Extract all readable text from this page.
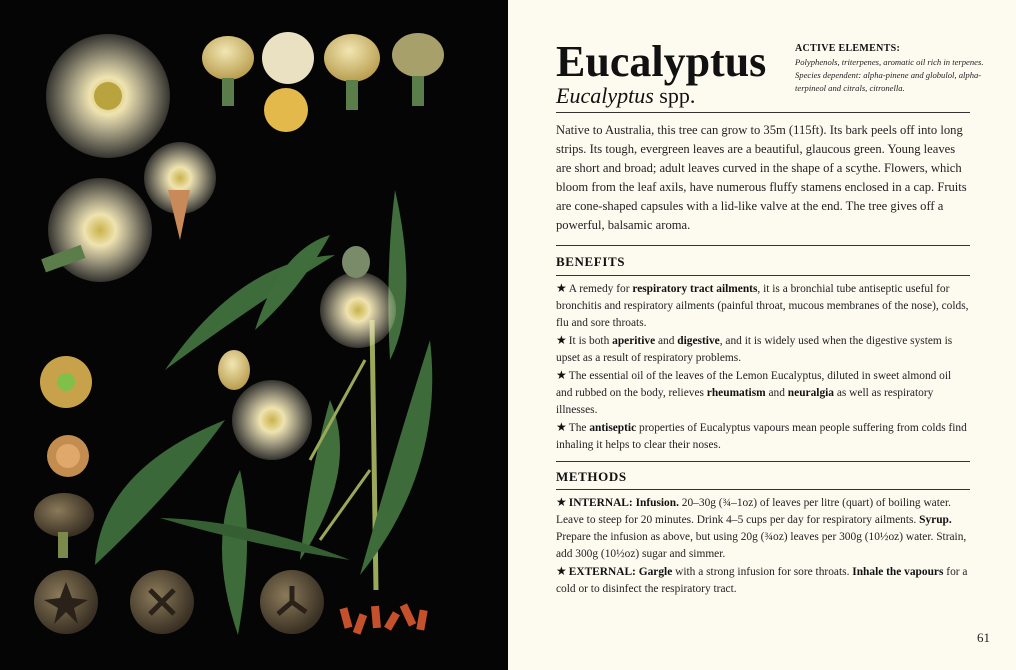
Eucalyptus
Eucalyptus spp.
ACTIVE ELEMENTS:
Polyphenols, triterpenes, aromatic oil rich in terpenes. Species dependent: alpha-pinene and globulol, alpha-terpineol and citrals, citronella.

Native to Australia, this tree can grow to 35m (115ft). Its bark peels off into long strips. Its tough, evergreen leaves are a beautiful, glaucous green. Young leaves are short and broad; adult leaves curved in the shape of a scythe. Flowers, which bloom from the leaf axils, have numerous fluffy stamens enclosed in a cap. Fruits are cone-shaped capsules with a lid-like valve at the end. The tree gives off a powerful, balsamic aroma.

BENEFITS

★ A remedy for respiratory tract ailments, it is a bronchial tube antiseptic useful for bronchitis and respiratory ailments (painful throat, mucous membranes of the nose), colds, flu and sore throats.
★ It is both aperitive and digestive, and it is widely used when the digestive system is upset as a result of respiratory problems.
★ The essential oil of the leaves of the Lemon Eucalyptus, diluted in sweet almond oil and rubbed on the body, relieves rheumatism and neuralgia as well as respiratory illnesses.
★ The antiseptic properties of Eucalyptus vapours mean people suffering from colds find inhaling it helps to clear their noses.

METHODS

★ INTERNAL: Infusion. 20–30g (¾–1oz) of leaves per litre (quart) of boiling water. Leave to steep for 20 minutes. Drink 4–5 cups per day for respiratory ailments. Syrup. Prepare the infusion as above, but using 20g (¾oz) leaves per 300g (10½oz) water. Strain, add 300g (10½oz) sugar and simmer.
★ EXTERNAL: Gargle with a strong infusion for sore throats. Inhale the vapours for a cold or to disinfect the respiratory tract.

61
